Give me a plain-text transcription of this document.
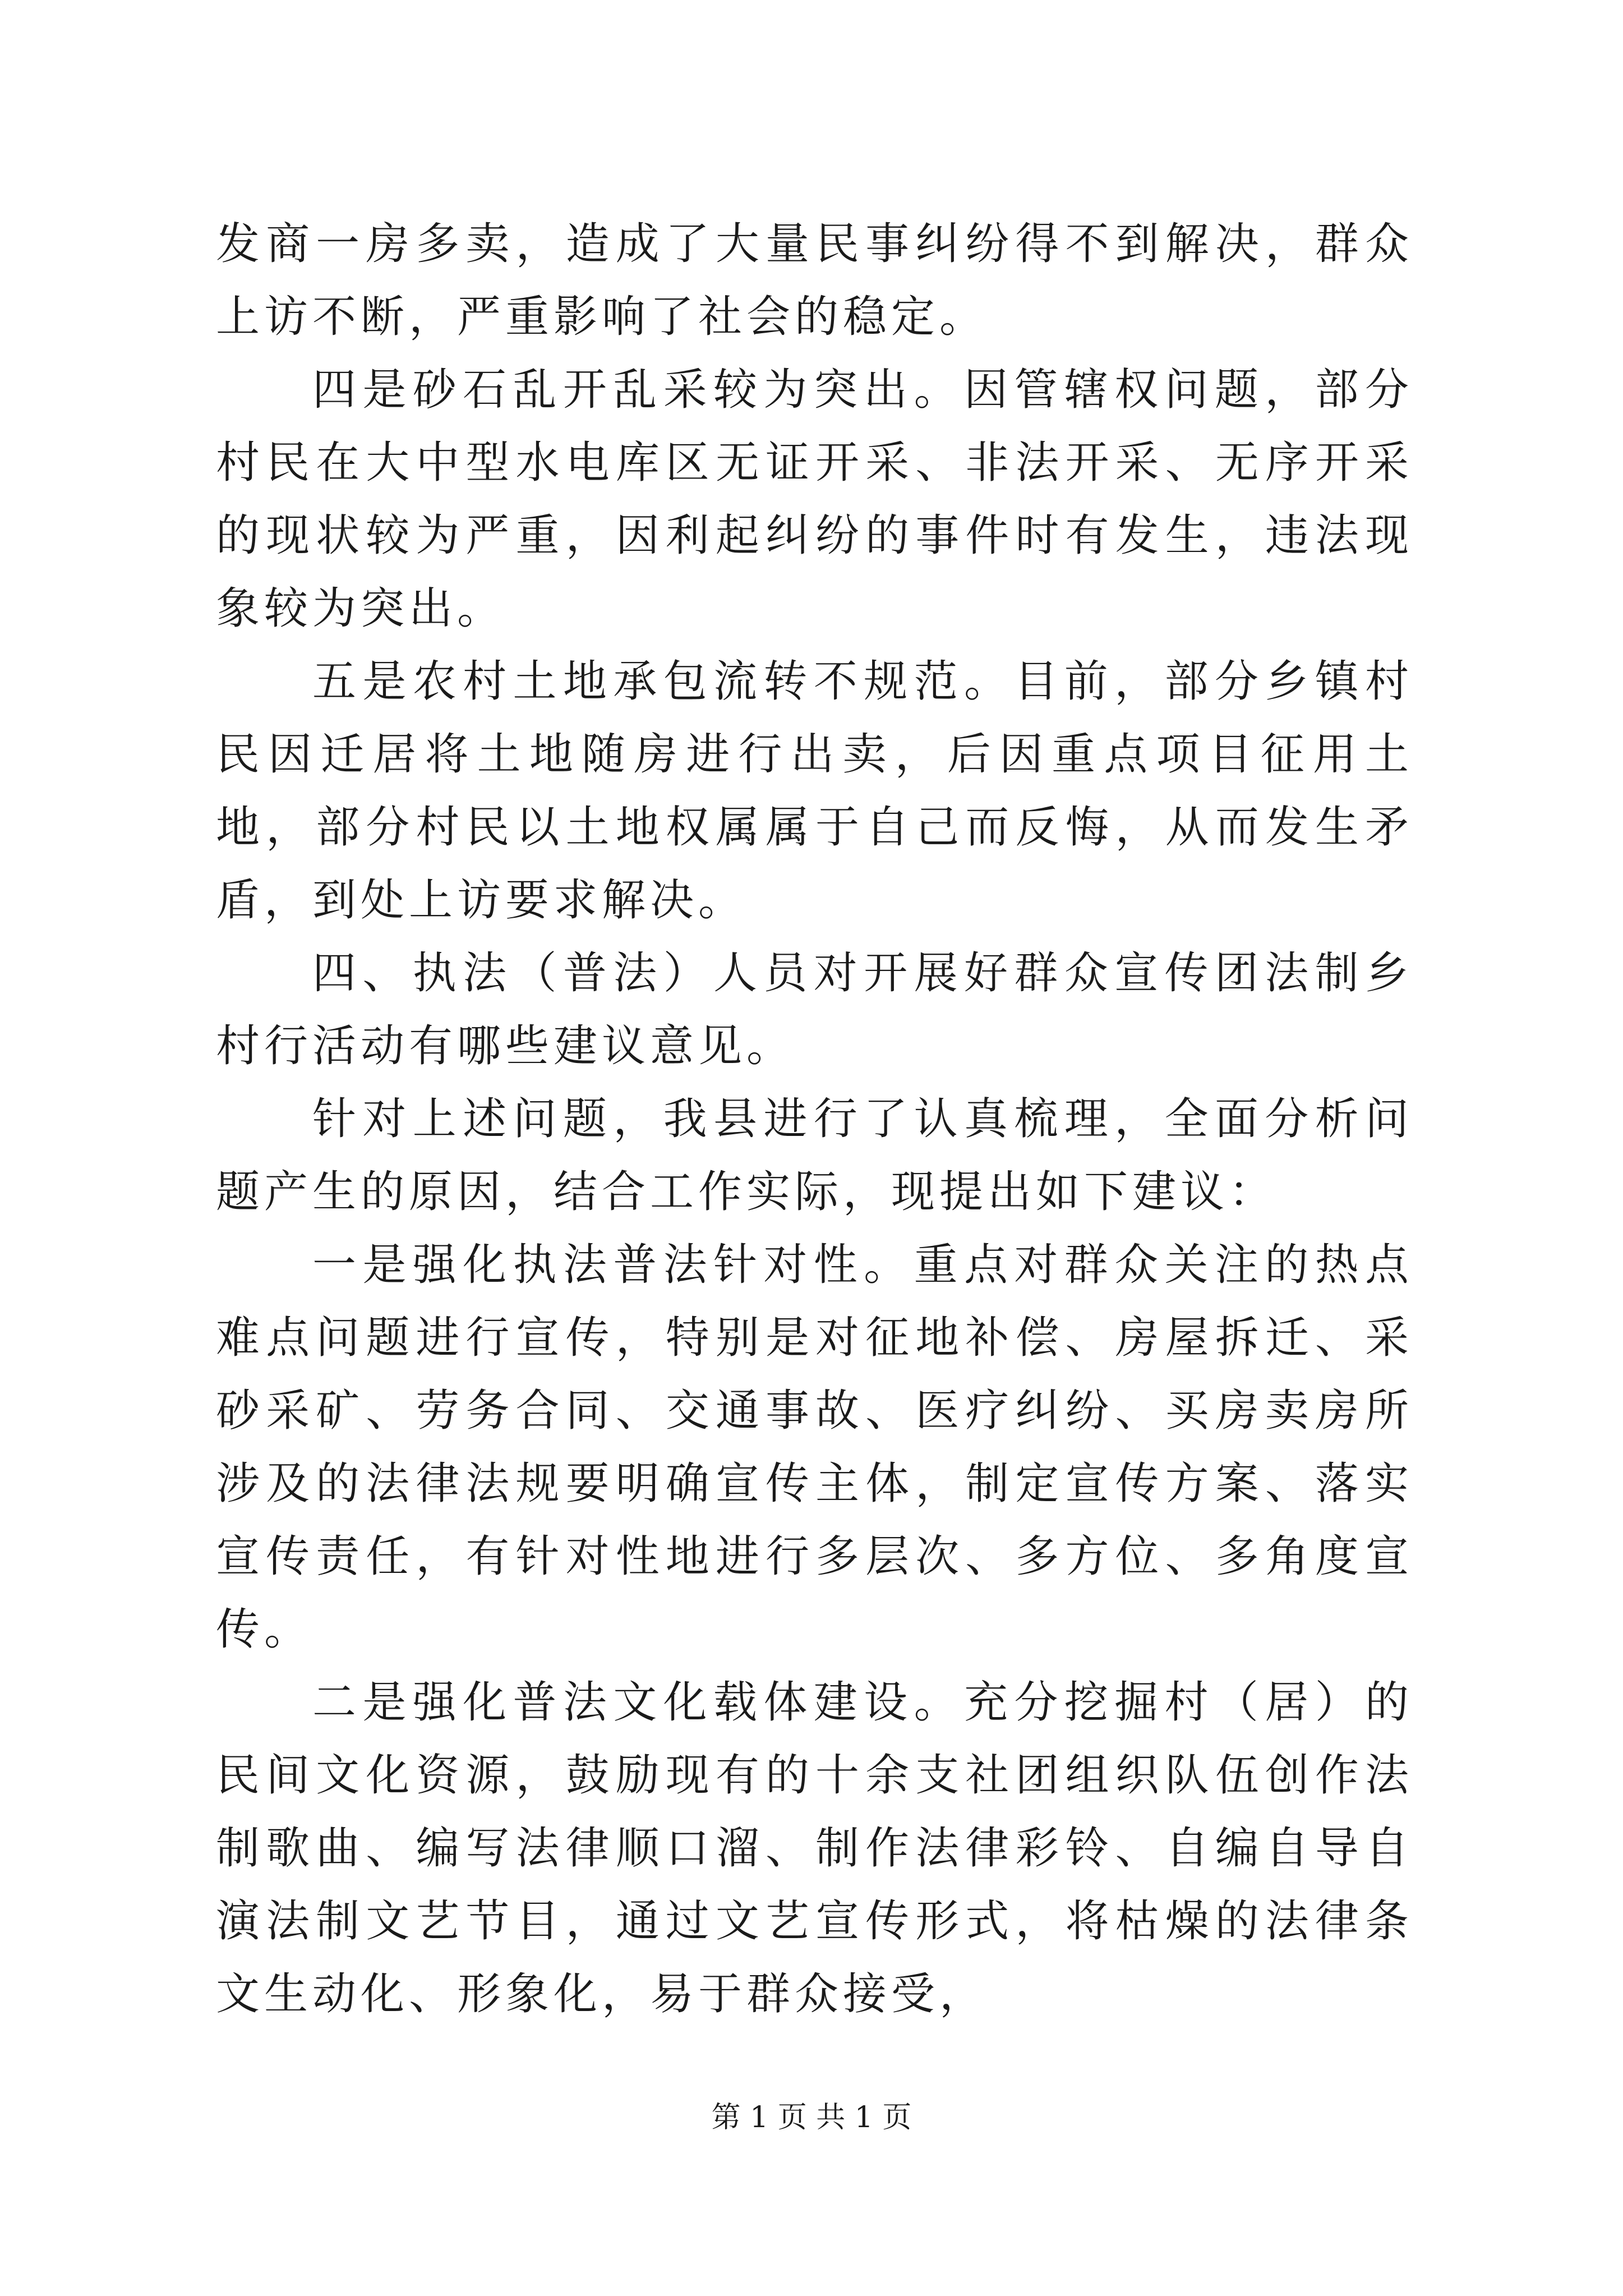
发商一房多卖，造成了大量民事纠纷得不到解决，群众上访不断，严重影响了社会的稳定。

四是砂石乱开乱采较为突出。因管辖权问题，部分村民在大中型水电库区无证开采、非法开采、无序开采的现状较为严重，因利起纠纷的事件时有发生，违法现象较为突出。

五是农村土地承包流转不规范。目前，部分乡镇村民因迁居将土地随房进行出卖，后因重点项目征用土地，部分村民以土地权属属于自己而反悔，从而发生矛盾，到处上访要求解决。

四、执法（普法）人员对开展好群众宣传团法制乡村行活动有哪些建议意见。

针对上述问题，我县进行了认真梳理，全面分析问题产生的原因，结合工作实际，现提出如下建议：

一是强化执法普法针对性。重点对群众关注的热点难点问题进行宣传，特别是对征地补偿、房屋拆迁、采砂采矿、劳务合同、交通事故、医疗纠纷、买房卖房所涉及的法律法规要明确宣传主体，制定宣传方案、落实宣传责任，有针对性地进行多层次、多方位、多角度宣传。

二是强化普法文化载体建设。充分挖掘村（居）的民间文化资源，鼓励现有的十余支社团组织队伍创作法制歌曲、编写法律顺口溜、制作法律彩铃、自编自导自演法制文艺节目，通过文艺宣传形式，将枯燥的法律条文生动化、形象化，易于群众接受，

第 1 页 共 1 页
